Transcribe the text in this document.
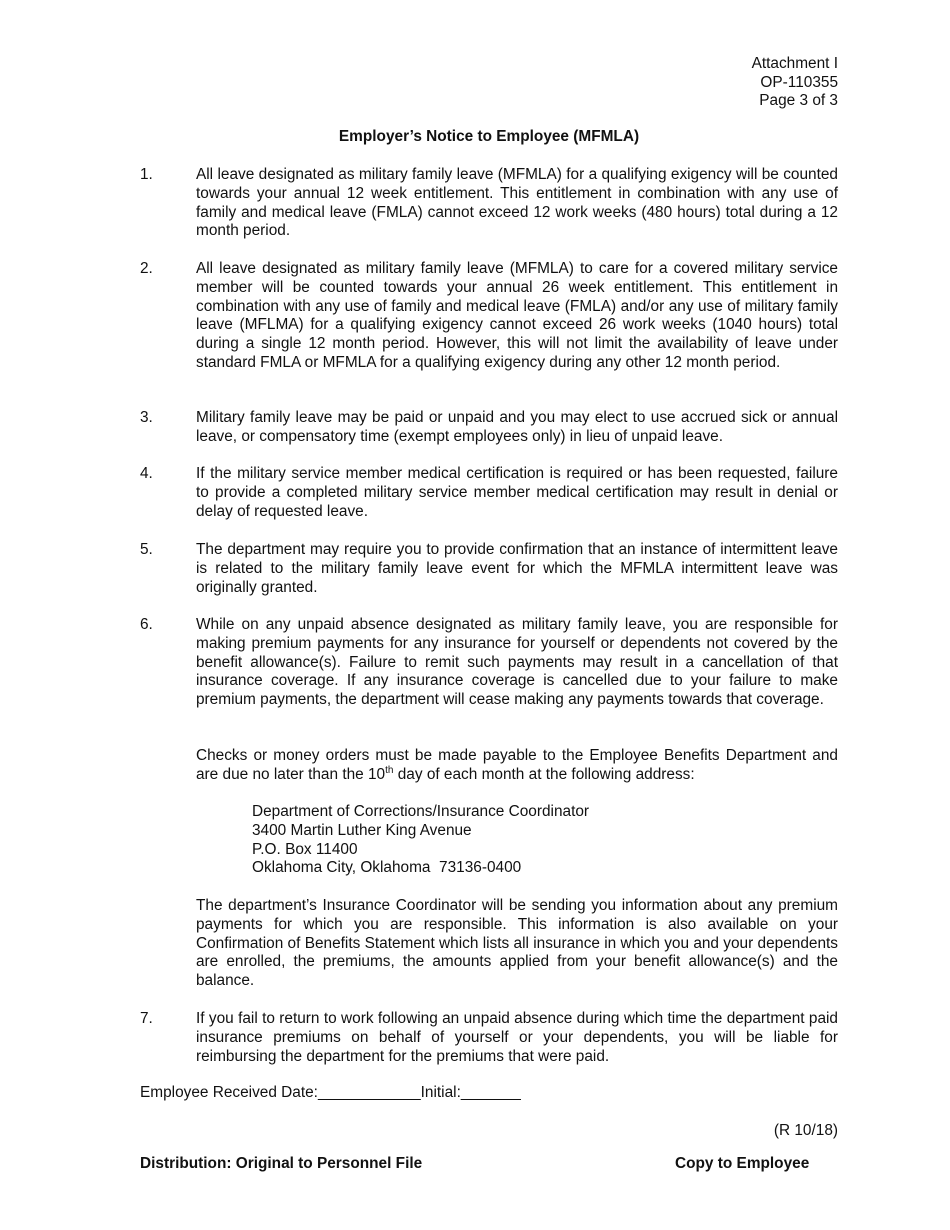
Attachment I
OP-110355
Page 3 of 3
Employer’s Notice to Employee (MFMLA)
1.	All leave designated as military family leave (MFMLA) for a qualifying exigency will be counted towards your annual 12 week entitlement. This entitlement in combination with any use of family and medical leave (FMLA) cannot exceed 12 work weeks (480 hours) total during a 12 month period.
2.	All leave designated as military family leave (MFMLA) to care for a covered military service member will be counted towards your annual 26 week entitlement. This entitlement in combination with any use of family and medical leave (FMLA) and/or any use of military family leave (MFLMA) for a qualifying exigency cannot exceed 26 work weeks (1040 hours) total during a single 12 month period. However, this will not limit the availability of leave under standard FMLA or MFMLA for a qualifying exigency during any other 12 month period.
3.	Military family leave may be paid or unpaid and you may elect to use accrued sick or annual leave, or compensatory time (exempt employees only) in lieu of unpaid leave.
4.	If the military service member medical certification is required or has been requested, failure to provide a completed military service member medical certification may result in denial or delay of requested leave.
5.	The department may require you to provide confirmation that an instance of intermittent leave is related to the military family leave event for which the MFMLA intermittent leave was originally granted.
6.	While on any unpaid absence designated as military family leave, you are responsible for making premium payments for any insurance for yourself or dependents not covered by the benefit allowance(s). Failure to remit such payments may result in a cancellation of that insurance coverage. If any insurance coverage is cancelled due to your failure to make premium payments, the department will cease making any payments towards that coverage.
Checks or money orders must be made payable to the Employee Benefits Department and are due no later than the 10th day of each month at the following address:
Department of Corrections/Insurance Coordinator
3400 Martin Luther King Avenue
P.O. Box 11400
Oklahoma City, Oklahoma  73136-0400
The department’s Insurance Coordinator will be sending you information about any premium payments for which you are responsible. This information is also available on your Confirmation of Benefits Statement which lists all insurance in which you and your dependents are enrolled, the premiums, the amounts applied from your benefit allowance(s) and the balance.
7.	If you fail to return to work following an unpaid absence during which time the department paid insurance premiums on behalf of yourself or your dependents, you will be liable for reimbursing the department for the premiums that were paid.
Employee Received Date:____________Initial:_______
(R 10/18)
Distribution: Original to Personnel File	Copy to Employee
